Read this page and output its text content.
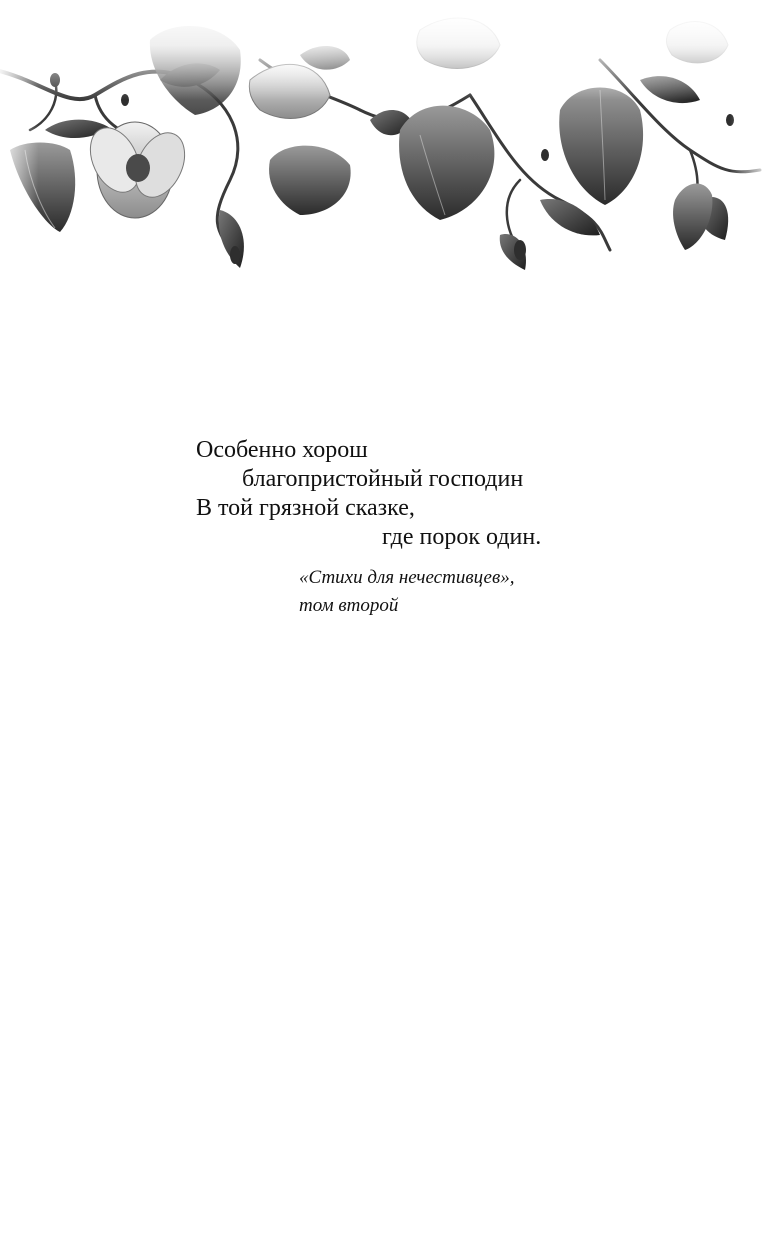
Особенно хорош
благопристойный господин
В той грязной сказке,
где порок один.
«Стихи для нечестивцев»,
том второй
